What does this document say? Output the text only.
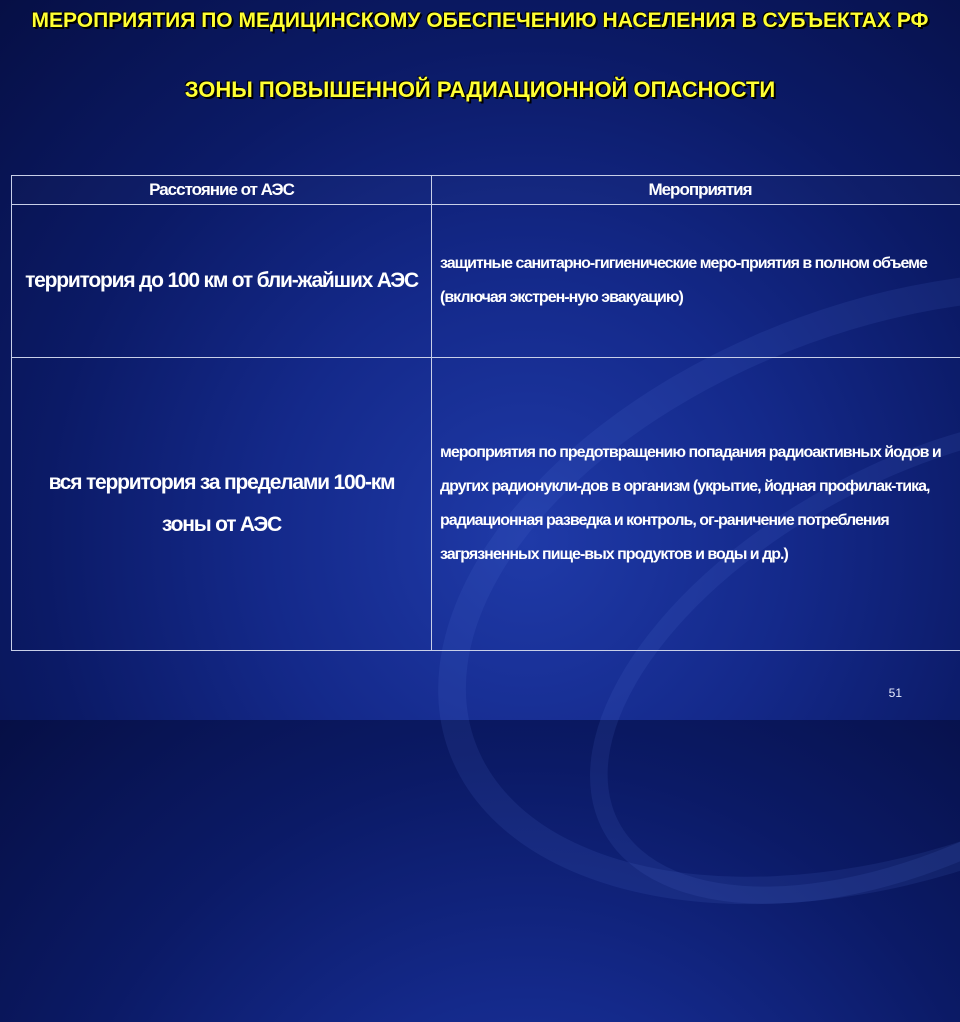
МЕРОПРИЯТИЯ ПО МЕДИЦИНСКОМУ ОБЕСПЕЧЕНИЮ НАСЕЛЕНИЯ В СУБЪЕКТАХ РФ
ЗОНЫ ПОВЫШЕННОЙ РАДИАЦИОННОЙ ОПАСНОСТИ
Расстояние от АЭС	Мероприятия
территория до 100 км от бли-жайших АЭС	защитные санитарно-гигиенические меро-приятия в полном объеме (включая экстрен-ную эвакуацию)
вся территория за пределами 100-км зоны от АЭС	мероприятия по предотвращению попадания радиоактивных йодов и других радионукли-дов в организм (укрытие, йодная профилак-тика, радиационная разведка и контроль, ог-раничение потребления загрязненных пище-вых продуктов и воды и др.)
51
